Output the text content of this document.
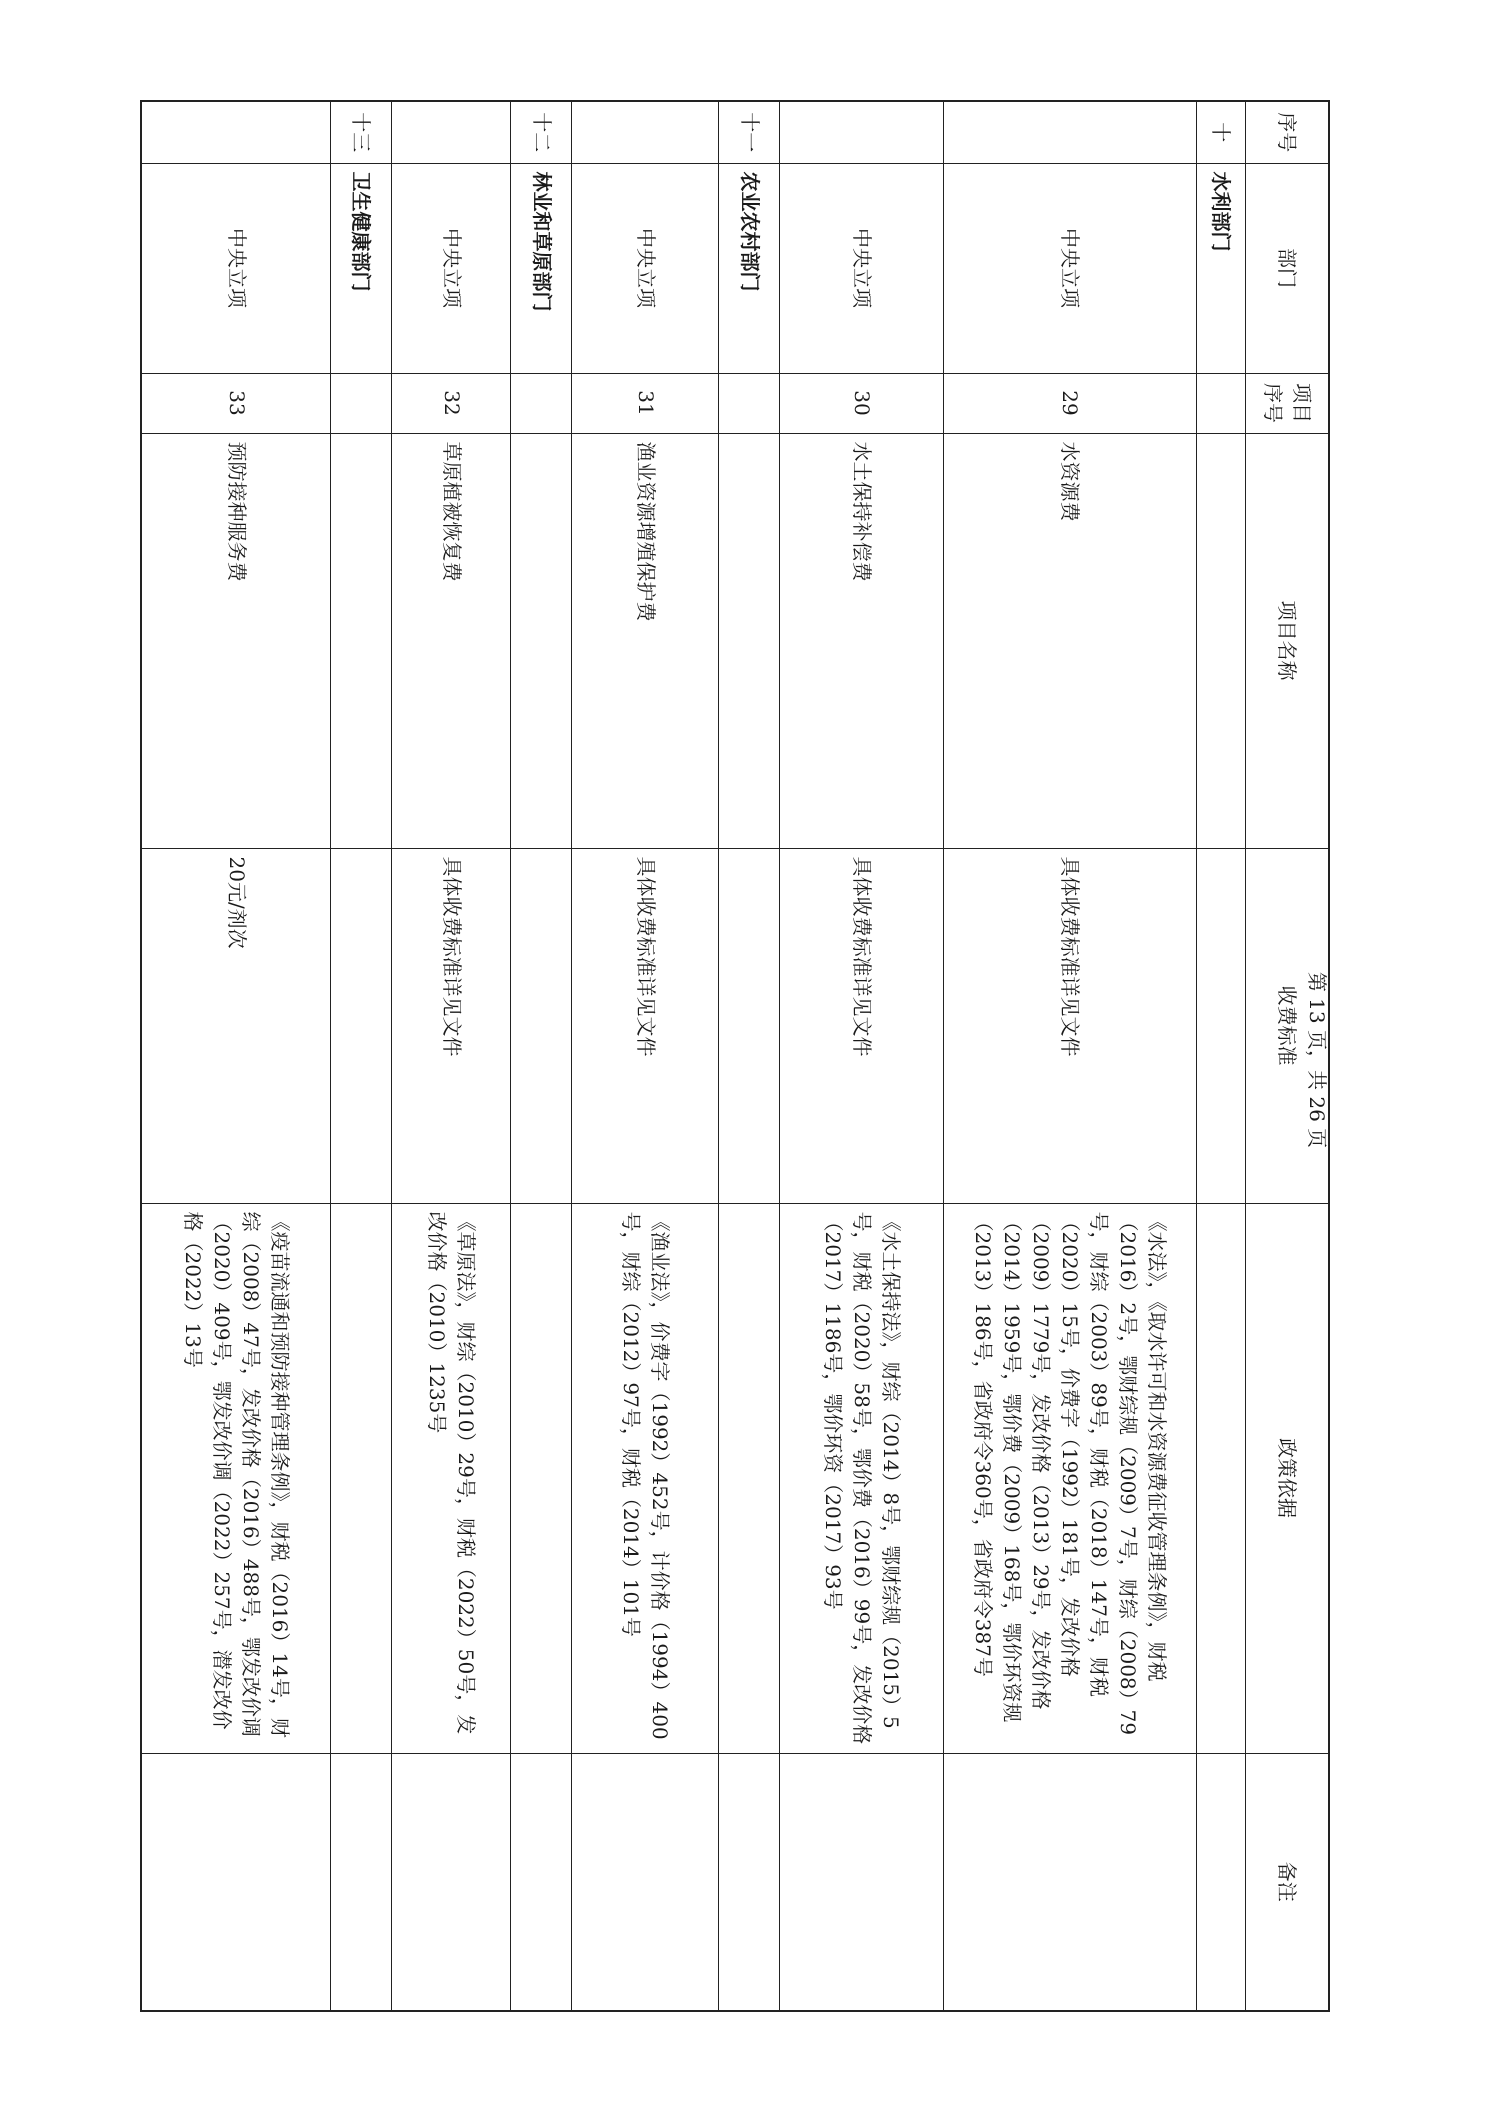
序号	部门	项目序号	项目名称	收费标准	政策依据	备注
十	水利部门					
	中央立项	29	水资源费	具体收费标准详见文件	《水法》，《取水许可和水资源费征收管理条例》，财税（2016）2号，鄂财综规（2009）7号，财综（2008）79号，财综（2003）89号，财税（2018）147号，财税（2020）15号，价费字（1992）181号，发改价格（2009）1779号，发改价格（2013）29号，发改价格（2014）1959号，鄂价费（2009）168号，鄂价环资规（2013）186号，省政府令360号，省政府令387号	
	中央立项	30	水土保持补偿费	具体收费标准详见文件	《水土保持法》，财综（2014）8号，鄂财综规（2015）5号，财税（2020）58号，鄂价费（2016）99号，发改价格（2017）1186号，鄂价环资（2017）93号	
十一	农业农村部门					
	中央立项	31	渔业资源增殖保护费	具体收费标准详见文件	《渔业法》，价费字（1992）452号，计价格（1994）400号，财综（2012）97号，财税（2014）101号	
十二	林业和草原部门					
	中央立项	32	草原植被恢复费	具体收费标准详见文件	《草原法》，财综（2010）29号，财税（2022）50号，发改价格（2010）1235号	
十三	卫生健康部门					
	中央立项	33	预防接种服务费	20元/剂次	《疫苗流通和预防接种管理条例》，财税（2016）14号，财综（2008）47号，发改价格（2016）488号，鄂发改价调（2020）409号，鄂发改价调（2022）257号，潜发改价格（2022）13号	
第 13 页，共 26 页
